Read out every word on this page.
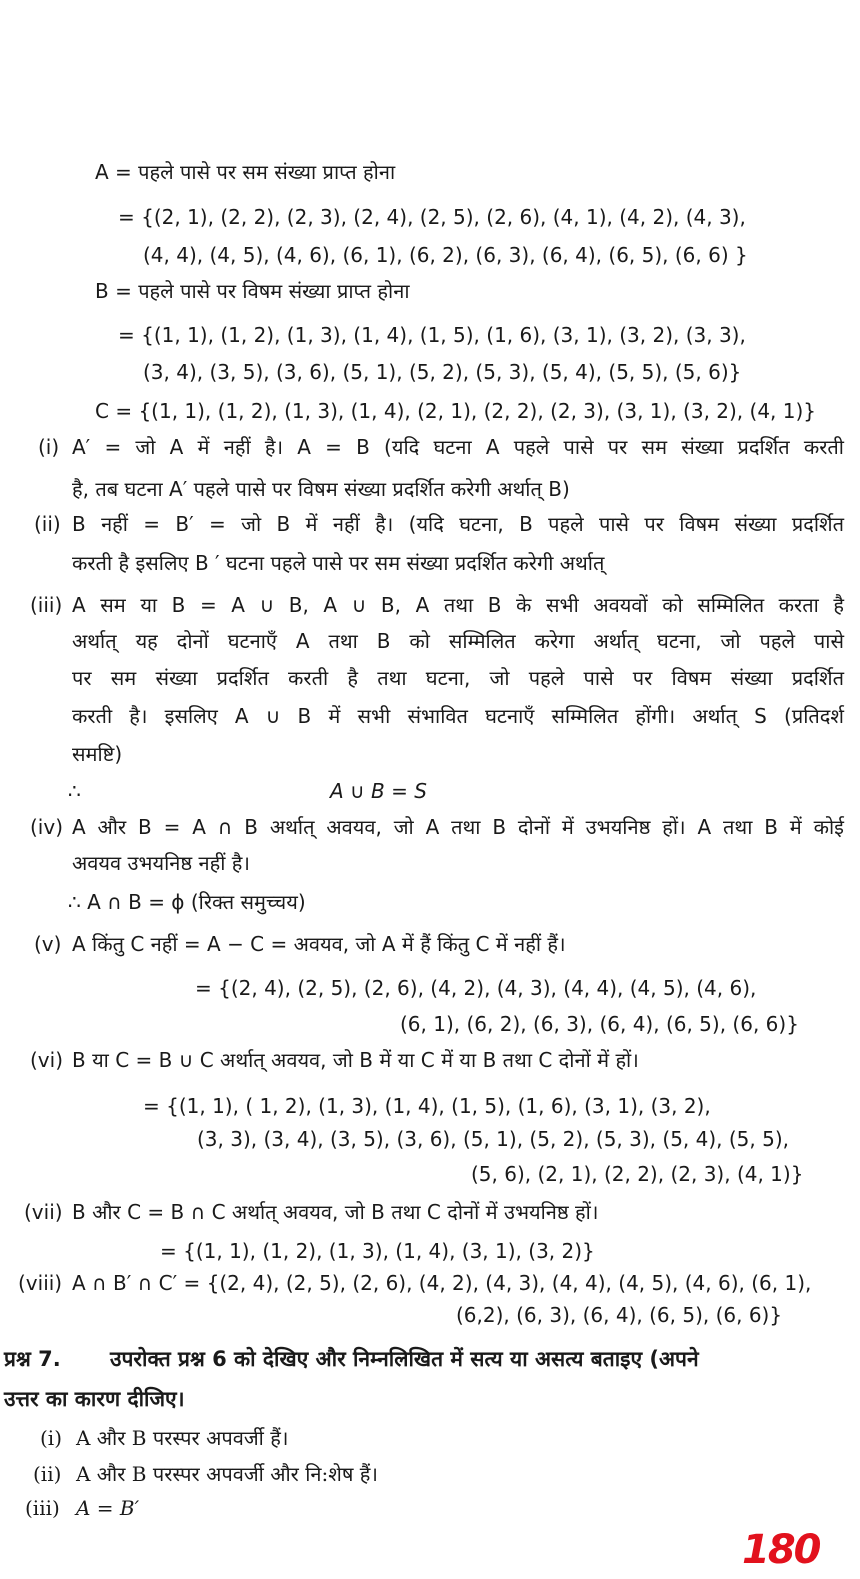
A = पहले पासे पर सम संख्या प्राप्त होना
= {(2, 1), (2, 2), (2, 3), (2, 4), (2, 5), (2, 6), (4, 1), (4, 2), (4, 3),
(4, 4), (4, 5), (4, 6), (6, 1), (6, 2), (6, 3), (6, 4), (6, 5), (6, 6) }
B = पहले पासे पर विषम संख्या प्राप्त होना
= {(1, 1), (1, 2), (1, 3), (1, 4), (1, 5), (1, 6), (3, 1), (3, 2), (3, 3),
(3, 4), (3, 5), (3, 6), (5, 1), (5, 2), (5, 3), (5, 4), (5, 5), (5, 6)}
C = {(1, 1), (1, 2), (1, 3), (1, 4), (2, 1), (2, 2), (2, 3), (3, 1), (3, 2), (4, 1)}
(i) A′ = जो A में नहीं है। A = B (यदि घटना A पहले पासे पर सम संख्या प्रदर्शित करती
है, तब घटना A′ पहले पासे पर विषम संख्या प्रदर्शित करेगी अर्थात् B)
(ii) B नहीं = B′ = जो B में नहीं है। (यदि घटना, B पहले पासे पर विषम संख्या प्रदर्शित
करती है इसलिए B ′ घटना पहले पासे पर सम संख्या प्रदर्शित करेगी अर्थात्
(iii) A सम या B = A ∪ B, A ∪ B, A तथा B के सभी अवयवों को सम्मिलित करता है
अर्थात् यह दोनों घटनाएँ A तथा B को सम्मिलित करेगा अर्थात् घटना, जो पहले पासे
पर सम संख्या प्रदर्शित करती है तथा घटना, जो पहले पासे पर विषम संख्या प्रदर्शित
करती है। इसलिए A ∪ B में सभी संभावित घटनाएँ सम्मिलित होंगी। अर्थात् S (प्रतिदर्श
समष्टि)
∴	A ∪ B = S
(iv) A और B = A ∩ B अर्थात् अवयव, जो A तथा B दोनों में उभयनिष्ठ हों। A तथा B में कोई
अवयव उभयनिष्ठ नहीं है।
∴ A ∩ B = ϕ (रिक्त समुच्चय)
(v) A किंतु C नहीं = A − C = अवयव, जो A में हैं किंतु C में नहीं हैं।
= {(2, 4), (2, 5), (2, 6), (4, 2), (4, 3), (4, 4), (4, 5), (4, 6),
(6, 1), (6, 2), (6, 3), (6, 4), (6, 5), (6, 6)}
(vi) B या C = B ∪ C अर्थात् अवयव, जो B में या C में या B तथा C दोनों में हों।
= {(1, 1), ( 1, 2), (1, 3), (1, 4), (1, 5), (1, 6), (3, 1), (3, 2),
(3, 3), (3, 4), (3, 5), (3, 6), (5, 1), (5, 2), (5, 3), (5, 4), (5, 5),
(5, 6), (2, 1), (2, 2), (2, 3), (4, 1)}
(vii) B और C = B ∩ C अर्थात् अवयव, जो B तथा C दोनों में उभयनिष्ठ हों।
= {(1, 1), (1, 2), (1, 3), (1, 4), (3, 1), (3, 2)}
(viii) A ∩ B′ ∩ C′ = {(2, 4), (2, 5), (2, 6), (4, 2), (4, 3), (4, 4), (4, 5), (4, 6), (6, 1),
(6,2), (6, 3), (6, 4), (6, 5), (6, 6)}
प्रश्न 7. उपरोक्त प्रश्न 6 को देखिए और निम्नलिखित में सत्य या असत्य बताइए (अपने
उत्तर का कारण दीजिए।
(i) A और B परस्पर अपवर्जी हैं।
(ii) A और B परस्पर अपवर्जी और नि:शेष हैं।
(iii) A = B′
180
